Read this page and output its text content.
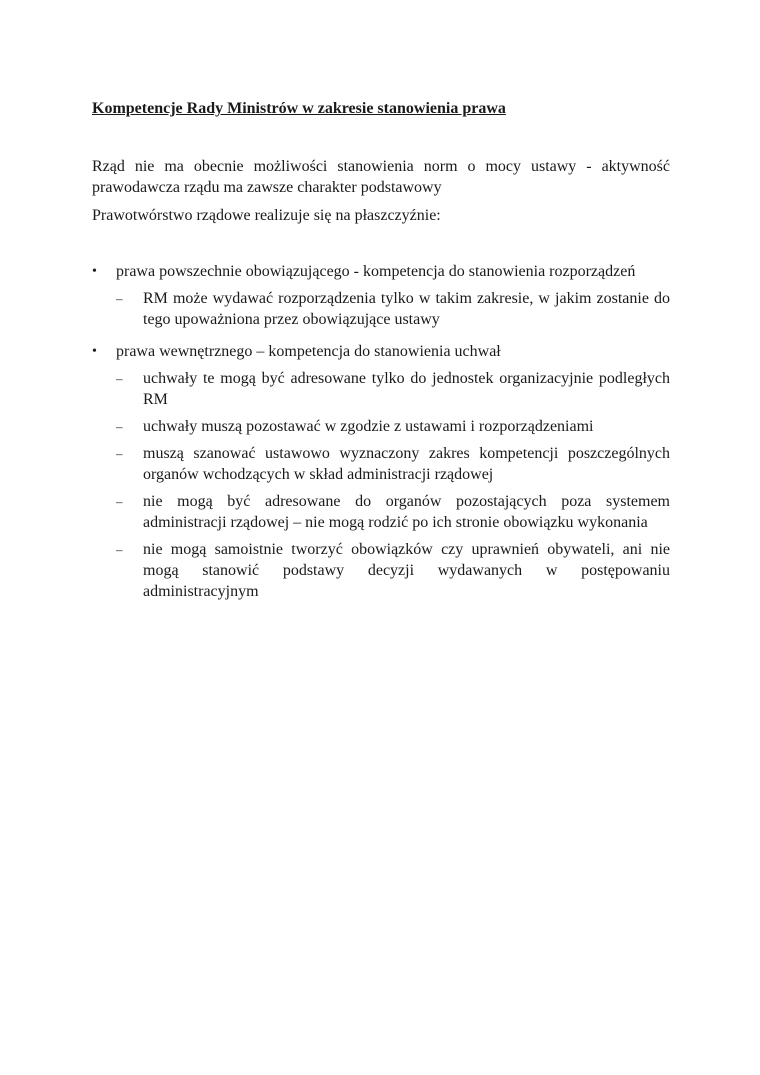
Kompetencje Rady Ministrów w zakresie stanowienia prawa
Rząd nie ma obecnie możliwości stanowienia norm o mocy ustawy - aktywność prawodawcza rządu ma zawsze charakter podstawowy
Prawotwórstwo rządowe realizuje się na płaszczyźnie:
•	prawa powszechnie obowiązującego - kompetencja do stanowienia rozporządzeń
–	RM może wydawać rozporządzenia tylko w takim zakresie, w jakim zostanie do tego upoważniona przez obowiązujące ustawy
•	prawa wewnętrznego – kompetencja do stanowienia uchwał
–	uchwały te mogą być adresowane tylko do jednostek organizacyjnie podległych RM
–	uchwały muszą pozostawać w zgodzie z ustawami i rozporządzeniami
–	muszą szanować ustawowo wyznaczony zakres kompetencji poszczególnych organów wchodzących w skład administracji rządowej
–	nie mogą być adresowane do organów pozostających poza systemem administracji rządowej – nie mogą rodzić po ich stronie obowiązku wykonania
–	nie mogą samoistnie tworzyć obowiązków czy uprawnień obywateli, ani nie mogą stanowić podstawy decyzji wydawanych w postępowaniu administracyjnym
